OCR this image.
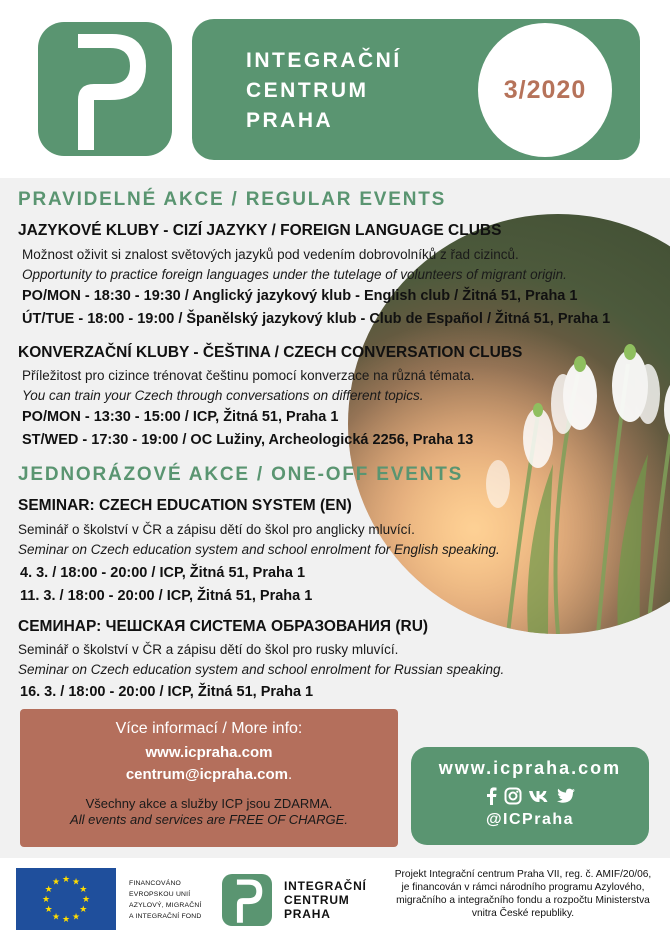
INTEGRAČNÍ
CENTRUM
PRAHA
3/2020
PRAVIDELNÉ AKCE / REGULAR EVENTS
JAZYKOVÉ KLUBY - CIZÍ JAZYKY / FOREIGN LANGUAGE CLUBS
Možnost oživit si znalost světových jazyků pod vedením dobrovolníků z řad cizinců.
Opportunity to practice foreign languages under the tutelage of volunteers of migrant origin.
PO/MON - 18:30 - 19:30 / Anglický jazykový klub - English club / Žitná 51, Praha 1
ÚT/TUE - 18:00 - 19:00 / Španělský jazykový klub - Club de Español / Žitná 51, Praha 1
KONVERZAČNÍ KLUBY - ČEŠTINA / CZECH CONVERSATION CLUBS
Příležitost pro cizince trénovat češtinu pomocí konverzace na různá témata.
You can train your Czech through conversations on different topics.
PO/MON - 13:30 - 15:00 / ICP, Žitná 51, Praha 1
ST/WED - 17:30 - 19:00 / OC Lužiny, Archeologická 2256, Praha 13
JEDNORÁZOVÉ AKCE / ONE-OFF EVENTS
SEMINAR: CZECH EDUCATION SYSTEM (EN)
Seminář o školství v ČR a zápisu dětí do škol pro anglicky mluvící.
Seminar on Czech education system and school enrolment for English speaking.
4. 3. / 18:00 - 20:00 / ICP, Žitná 51, Praha 1
11. 3. / 18:00 - 20:00 / ICP, Žitná 51, Praha 1
СЕМИНАР: ЧЕШСКАЯ СИСТЕМА ОБРАЗОВАНИЯ (RU)
Seminář o školství v ČR a zápisu dětí do škol pro rusky mluvící.
Seminar on Czech education system and school enrolment for Russian speaking.
16. 3. / 18:00 - 20:00 / ICP, Žitná 51, Praha 1
Více informací / More info:
www.icpraha.com
centrum@icpraha.com.
Všechny akce a služby ICP jsou ZDARMA.
All events and services are FREE OF CHARGE.
www.icpraha.com
@ICPraha
★ ★
★
★
★
★
★
★
★
★
★
★	FINANCOVÁNO
EVROPSKOU UNIÍ
AZYLOVÝ, MIGRAČNÍ
A INTEGRAČNÍ FOND
INTEGRAČNÍ
CENTRUM
PRAHA
Projekt Integrační centrum Praha VII, reg. č. AMIF/20/06,
je financován v rámci národního programu Azylového,
migračního a integračního fondu a rozpočtu Ministerstva
vnitra České republiky.
